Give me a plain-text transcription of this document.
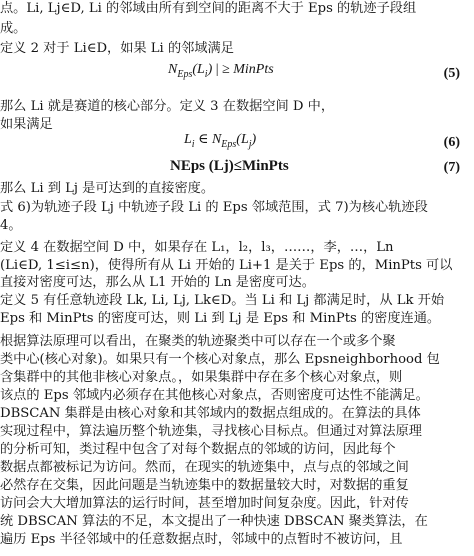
点。Li, Lj∈D, Li 的邻域由所有到空间的距离不大于 Eps 的轨迹子段组
成。
定义 2 对于 Li∈D，如果 Li 的邻域满足
$N_{Eps}(L_i)$ | ≥ MinPts	(5)
那么 Li 就是赛道的核心部分。定义 3 在数据空间 D 中，
如果满足
$L_i$ ∈ $N_{Eps}(L_j)$	(6)
NEps (Lj)≤MinPts	(7)
那么 Li 到 Lj 是可达到的直接密度。
式 6)为轨迹子段 Lj 中轨迹子段 Li 的 Eps 邻域范围，式 7)为核心轨迹段
4。
定义 4 在数据空间 D 中，如果存在 L₁，l₂，l₃，……，李，…，Ln
(Li∈D, 1≤i≤n)，使得所有从 Li 开始的 Li+1 是关于 Eps 的，MinPts 可以
直接对密度可达，那么从 L1 开始的 Ln 是密度可达。
定义 5 有任意轨迹段 Lk, Li, Lj, Lk∈D。当 Li 和 Lj 都满足时，从 Lk 开始
Eps 和 MinPts 的密度可达，则 Li 到 Lj 是 Eps 和 MinPts 的密度连通。
根据算法原理可以看出，在聚类的轨迹聚类中可以存在一个或多个聚
类中心(核心对象)。如果只有一个核心对象点，那么 Epsneighborhood 包
含集群中的其他非核心对象点。，如果集群中存在多个核心对象点，则
该点的 Eps 邻域内必须存在其他核心对象点，否则密度可达性不能满足。
DBSCAN 集群是由核心对象和其邻域内的数据点组成的。在算法的具体
实现过程中，算法遍历整个轨迹集，寻找核心目标点。但通过对算法原理
的分析可知，类过程中包含了对每个数据点的邻域的访问，因此每个
数据点都被标记为访问。然而，在现实的轨迹集中，点与点的邻域之间
必然存在交集，因此问题是当轨迹集中的数据量较大时，对数据的重复
访问会大大增加算法的运行时间，甚至增加时间复杂度。因此，针对传
统 DBSCAN 算法的不足，本文提出了一种快速 DBSCAN 聚类算法，在
遍历 Eps 半径邻域中的任意数据点时，邻域中的点暂时不被访问，且
